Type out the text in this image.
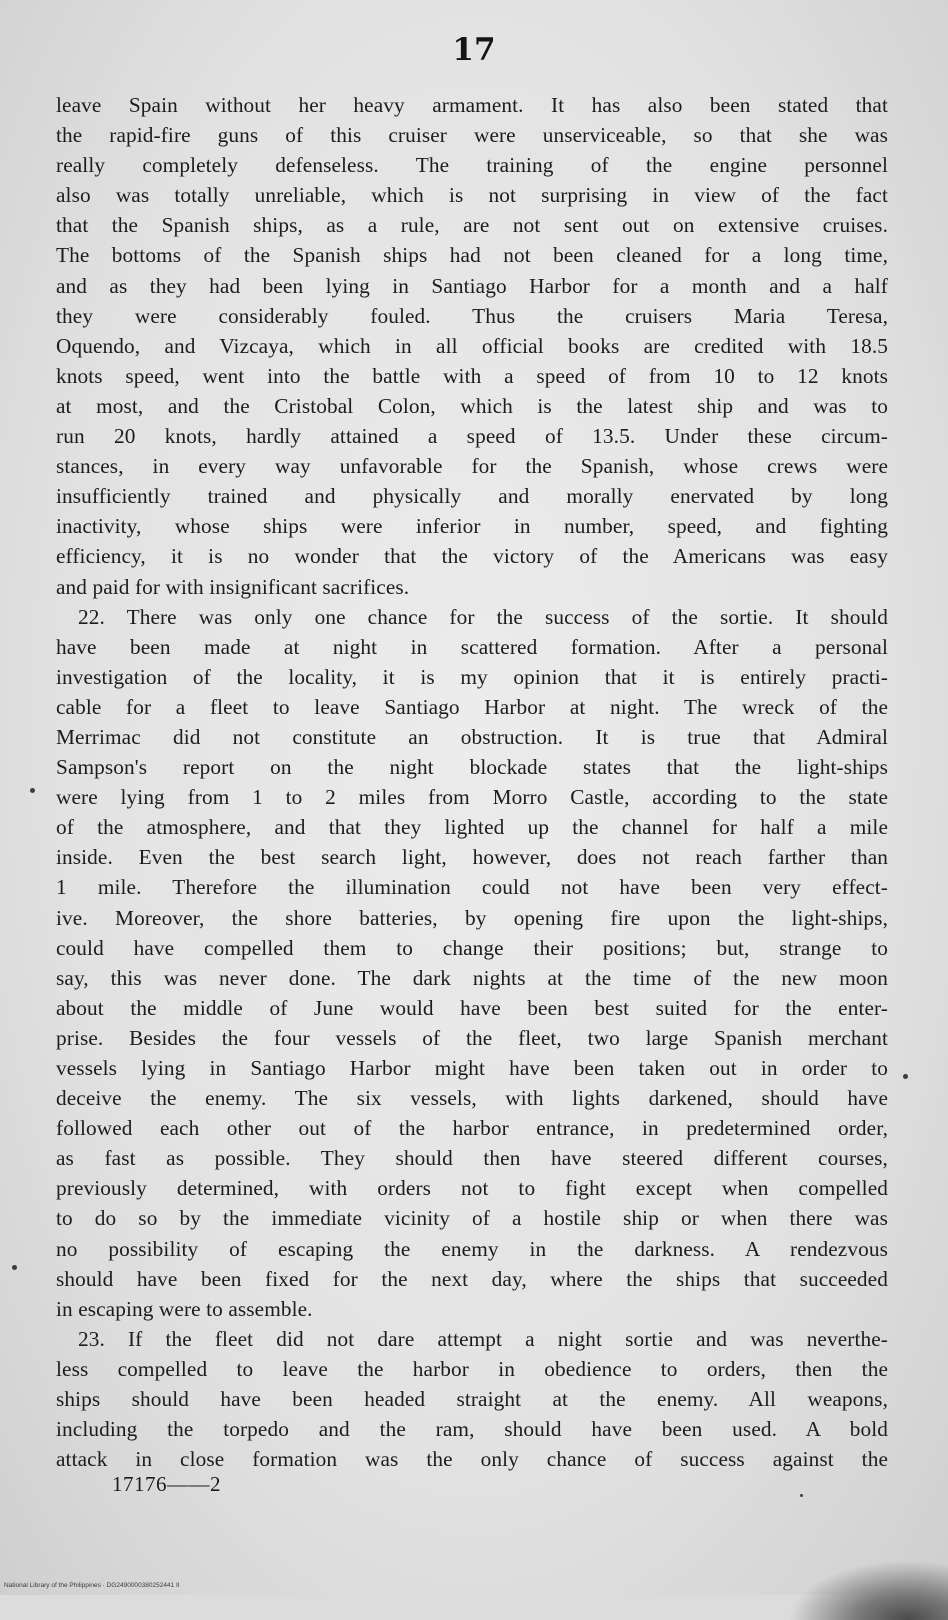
17
leave Spain without her heavy armament. It has also been stated that
the rapid-fire guns of this cruiser were unserviceable, so that she was
really completely defenseless. The training of the engine personnel
also was totally unreliable, which is not surprising in view of the fact
that the Spanish ships, as a rule, are not sent out on extensive cruises.
The bottoms of the Spanish ships had not been cleaned for a long time,
and as they had been lying in Santiago Harbor for a month and a half
they were considerably fouled. Thus the cruisers Maria Teresa,
Oquendo, and Vizcaya, which in all official books are credited with 18.5
knots speed, went into the battle with a speed of from 10 to 12 knots
at most, and the Cristobal Colon, which is the latest ship and was to
run 20 knots, hardly attained a speed of 13.5. Under these circum-
stances, in every way unfavorable for the Spanish, whose crews were
insufficiently trained and physically and morally enervated by long
inactivity, whose ships were inferior in number, speed, and fighting
efficiency, it is no wonder that the victory of the Americans was easy
and paid for with insignificant sacrifices.
22. There was only one chance for the success of the sortie. It should
have been made at night in scattered formation. After a personal
investigation of the locality, it is my opinion that it is entirely practi-
cable for a fleet to leave Santiago Harbor at night. The wreck of the
Merrimac did not constitute an obstruction. It is true that Admiral
Sampson's report on the night blockade states that the light-ships
were lying from 1 to 2 miles from Morro Castle, according to the state
of the atmosphere, and that they lighted up the channel for half a mile
inside. Even the best search light, however, does not reach farther than
1 mile. Therefore the illumination could not have been very effect-
ive. Moreover, the shore batteries, by opening fire upon the light-ships,
could have compelled them to change their positions; but, strange to
say, this was never done. The dark nights at the time of the new moon
about the middle of June would have been best suited for the enter-
prise. Besides the four vessels of the fleet, two large Spanish merchant
vessels lying in Santiago Harbor might have been taken out in order to
deceive the enemy. The six vessels, with lights darkened, should have
followed each other out of the harbor entrance, in predetermined order,
as fast as possible. They should then have steered different courses,
previously determined, with orders not to fight except when compelled
to do so by the immediate vicinity of a hostile ship or when there was
no possibility of escaping the enemy in the darkness. A rendezvous
should have been fixed for the next day, where the ships that succeeded
in escaping were to assemble.
23. If the fleet did not dare attempt a night sortie and was neverthe-
less compelled to leave the harbor in obedience to orders, then the
ships should have been headed straight at the enemy. All weapons,
including the torpedo and the ram, should have been used. A bold
attack in close formation was the only chance of success against the
17176——2
National Library of the Philippines · DG2490000380252441 II
